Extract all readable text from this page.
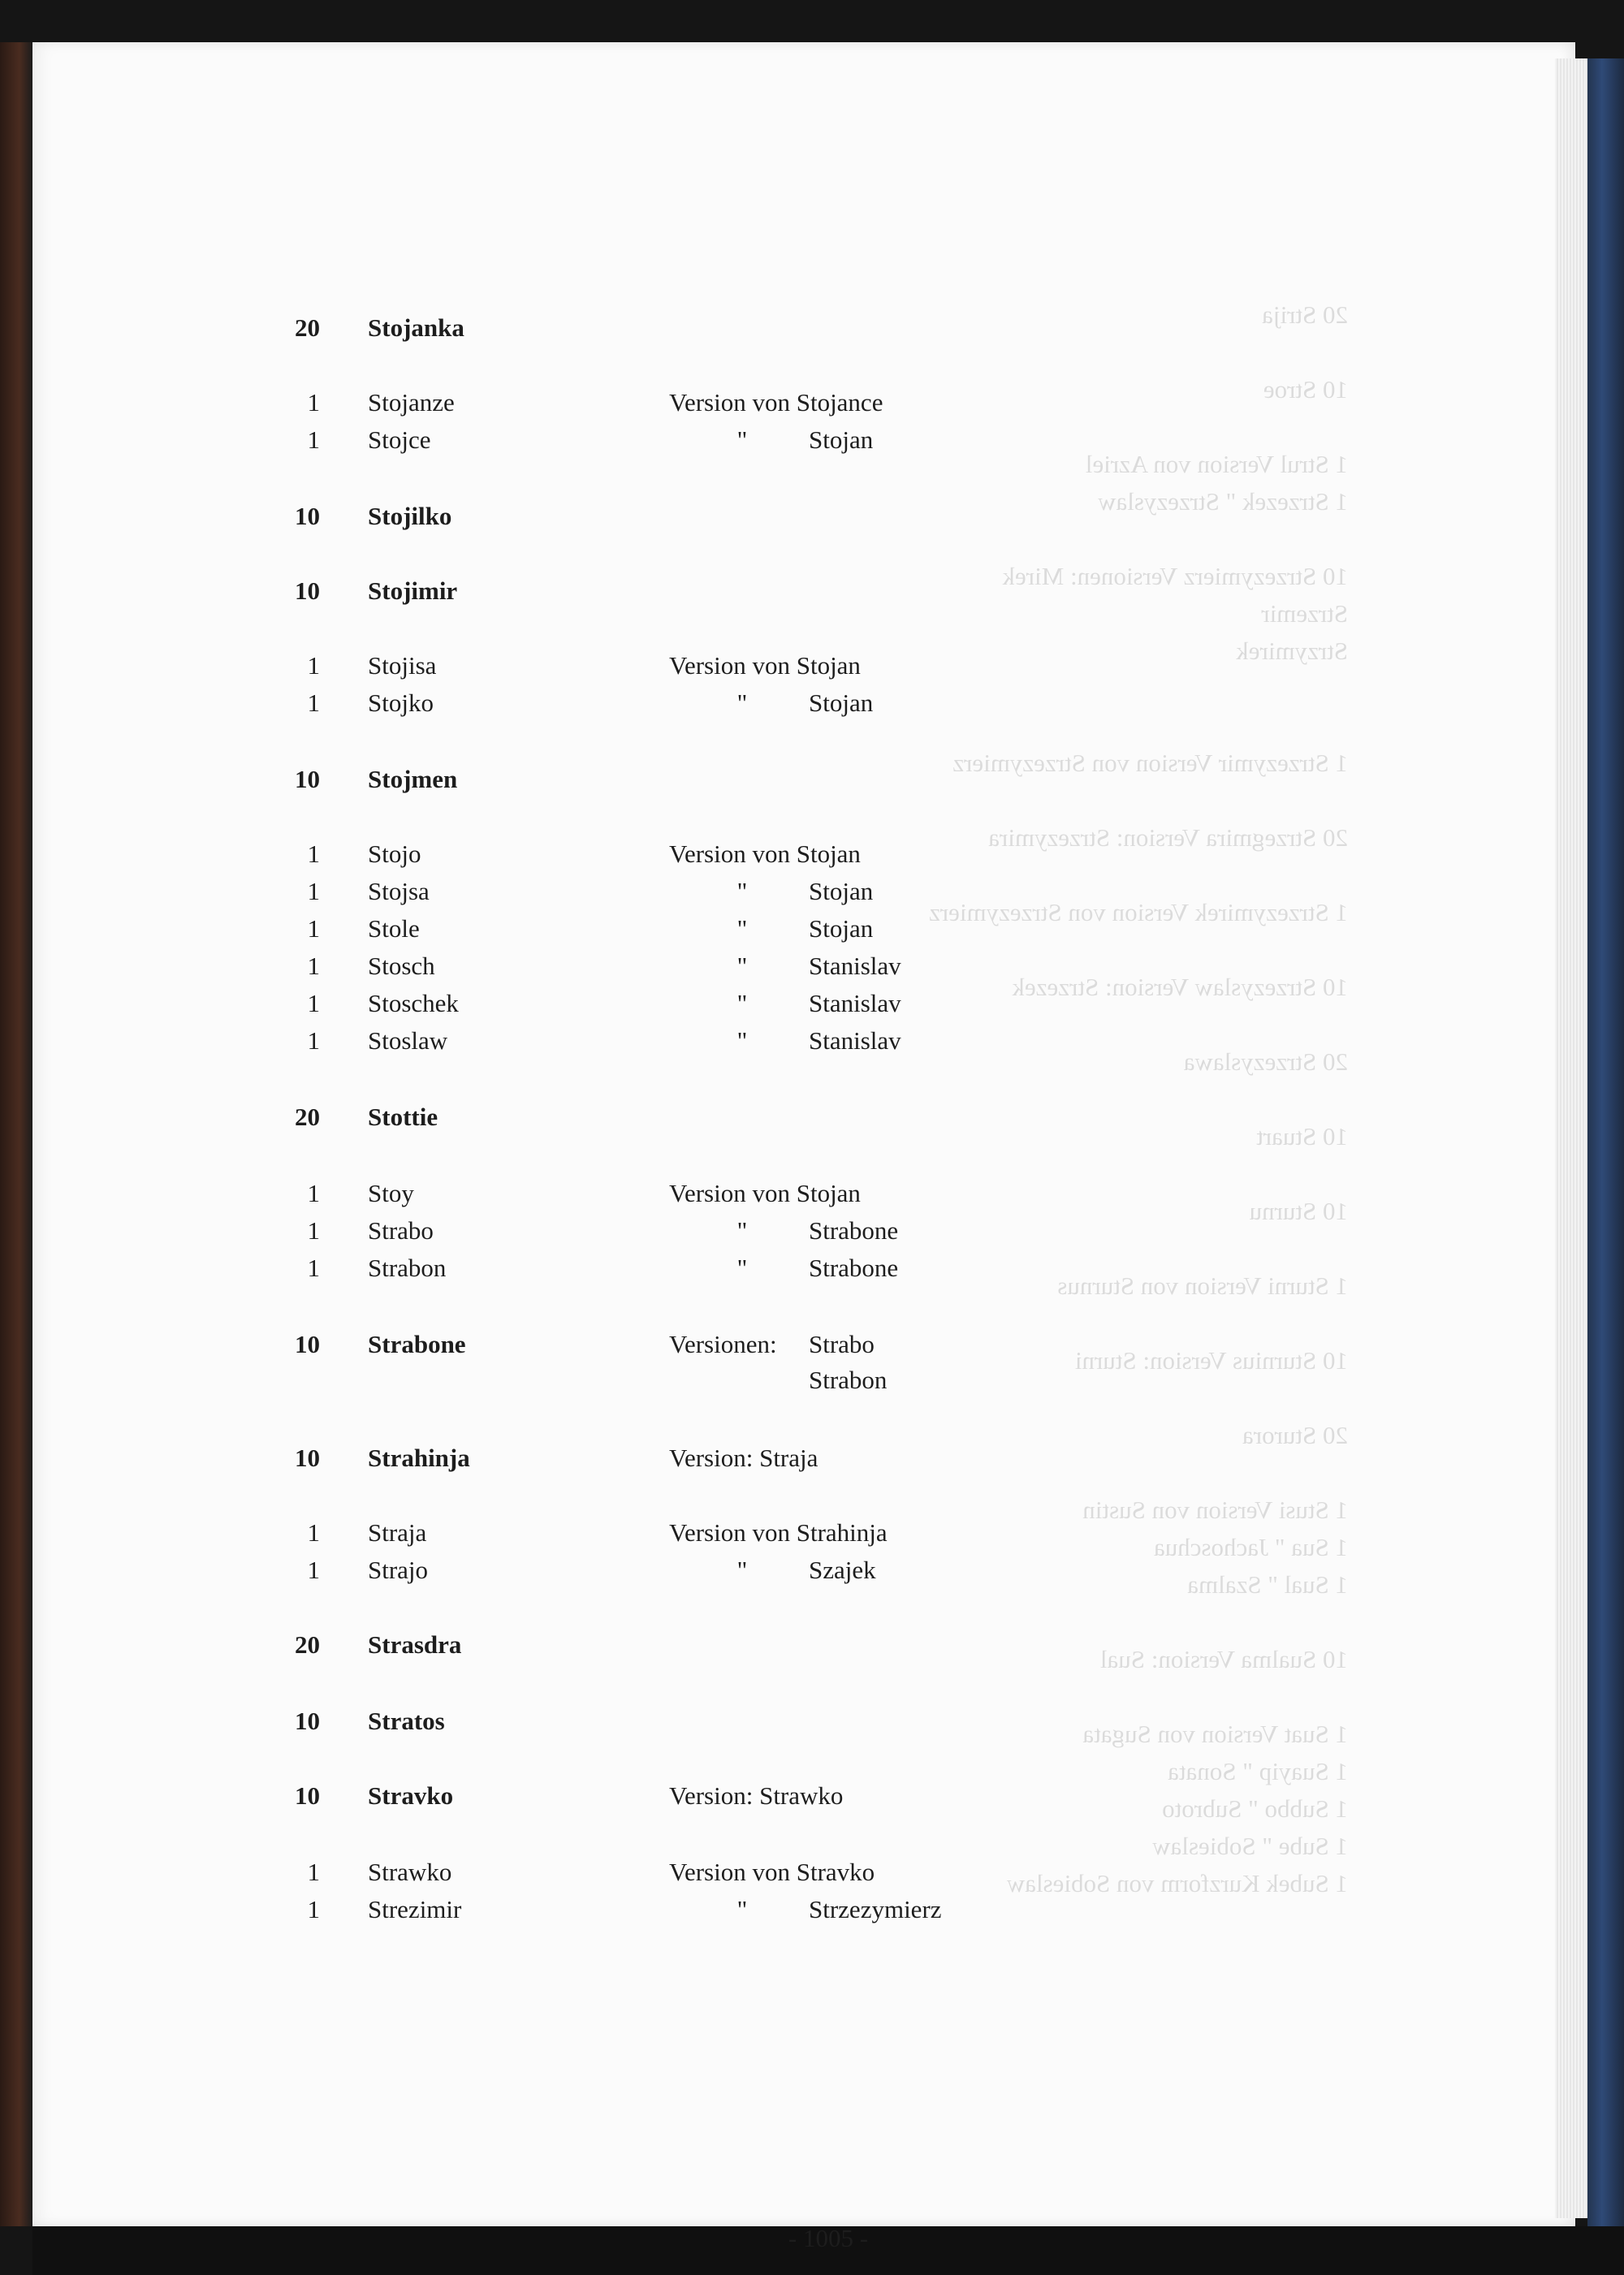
20 Stojanka
1 Stojanze	Version von Stojance
1 Stojce	" Stojan
10 Stojilko
10 Stojimir
1 Stojisa	Version von Stojan
1 Stojko	" Stojan
10 Stojmen
1 Stojo	Version von Stojan
1 Stojsa	" Stojan
1 Stole	" Stojan
1 Stosch	" Stanislav
1 Stoschek	" Stanislav
1 Stoslaw	" Stanislav
20 Stottie
1 Stoy	Version von Stojan
1 Strabo	" Strabone
1 Strabon	" Strabone
10 Strabone	Versionen: Strabo
Strabon
10 Strahinja	Version: Straja
1 Straja	Version von Strahinja
1 Strajo	" Szajek
20 Strasdra
10 Stratos
10 Stravko	Version: Strawko
1 Strawko	Version von Stravko
1 Strezimir	" Strzezymierz
- 1005 -
